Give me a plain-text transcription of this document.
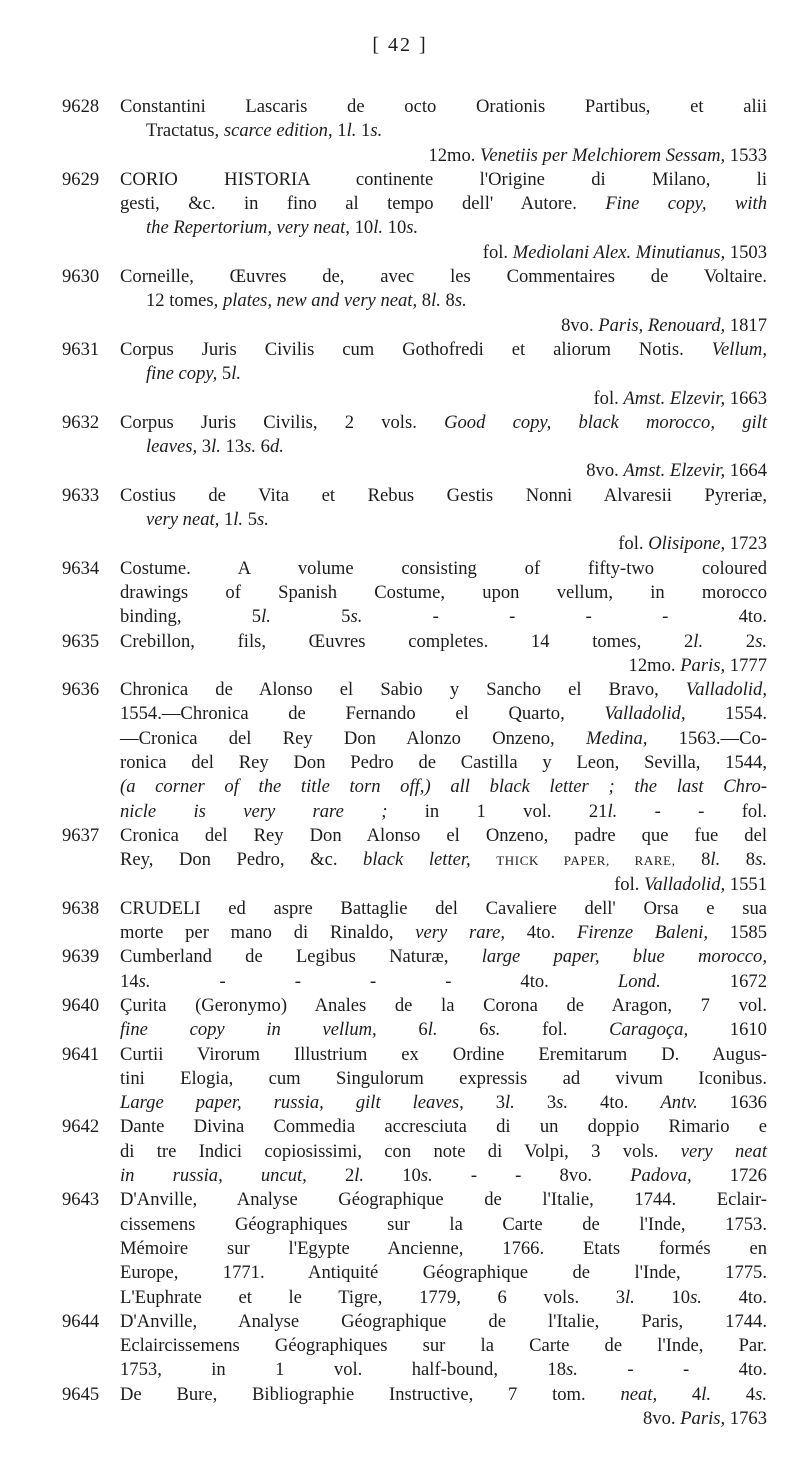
[ 42 ]
9628 Constantini Lascaris de octo Orationis Partibus, et alii
Tractatus, scarce edition, 1l. 1s.
12mo. Venetiis per Melchiorem Sessam, 1533
9629 CORIO HISTORIA continente l'Origine di Milano, li
gesti, &c. in fino al tempo dell' Autore. Fine copy, with
the Repertorium, very neat, 10l. 10s.
fol. Mediolani Alex. Minutianus, 1503
9630 Corneille, Œuvres de, avec les Commentaires de Voltaire.
12 tomes, plates, new and very neat, 8l. 8s.
8vo. Paris, Renouard, 1817
9631 Corpus Juris Civilis cum Gothofredi et aliorum Notis. Vellum,
fine copy, 5l.
fol. Amst. Elzevir, 1663
9632 Corpus Juris Civilis, 2 vols. Good copy, black morocco, gilt
leaves, 3l. 13s. 6d.
8vo. Amst. Elzevir, 1664
9633 Costius de Vita et Rebus Gestis Nonni Alvaresii Pyreriæ,
very neat, 1l. 5s.
fol. Olisipone, 1723
9634 Costume. A volume consisting of fifty-two coloured
drawings of Spanish Costume, upon vellum, in morocco
binding, 5l. 5s. - - - - 4to.
9635 Crebillon, fils, Œuvres completes. 14 tomes, 2l. 2s.
12mo. Paris, 1777
9636 Chronica de Alonso el Sabio y Sancho el Bravo, Valladolid,
1554.—Chronica de Fernando el Quarto, Valladolid, 1554.
—Cronica del Rey Don Alonzo Onzeno, Medina, 1563.—Co-
ronica del Rey Don Pedro de Castilla y Leon, Sevilla, 1544,
(a corner of the title torn off,) all black letter ; the last Chro-
nicle is very rare ; in 1 vol. 21l. - - fol.
9637 Cronica del Rey Don Alonso el Onzeno, padre que fue del
Rey, Don Pedro, &c. black letter, THICK PAPER, RARE, 8l. 8s.
fol. Valladolid, 1551
9638 CRUDELI ed aspre Battaglie del Cavaliere dell' Orsa e sua
morte per mano di Rinaldo, very rare, 4to. Firenze Baleni, 1585
9639 Cumberland de Legibus Naturæ, large paper, blue morocco,
14s. - - - - 4to. Lond. 1672
9640 Çurita (Geronymo) Anales de la Corona de Aragon, 7 vol.
fine copy in vellum, 6l. 6s. fol. Caragoça, 1610
9641 Curtii Virorum Illustrium ex Ordine Eremitarum D. Augus-
tini Elogia, cum Singulorum expressis ad vivum Iconibus.
Large paper, russia, gilt leaves, 3l. 3s. 4to. Antv. 1636
9642 Dante Divina Commedia accresciuta di un doppio Rimario e
di tre Indici copiosissimi, con note di Volpi, 3 vols. very neat
in russia, uncut, 2l. 10s. - - 8vo. Padova, 1726
9643 D'Anville, Analyse Géographique de l'Italie, 1744. Eclair-
cissemens Géographiques sur la Carte de l'Inde, 1753.
Mémoire sur l'Egypte Ancienne, 1766. Etats formés en
Europe, 1771. Antiquité Géographique de l'Inde, 1775.
L'Euphrate et le Tigre, 1779, 6 vols. 3l. 10s. 4to.
9644 D'Anville, Analyse Géographique de l'Italie, Paris, 1744.
Eclaircissemens Géographiques sur la Carte de l'Inde, Par.
1753, in 1 vol. half-bound, 18s. - - 4to.
9645 De Bure, Bibliographie Instructive, 7 tom. neat, 4l. 4s.
8vo. Paris, 1763
